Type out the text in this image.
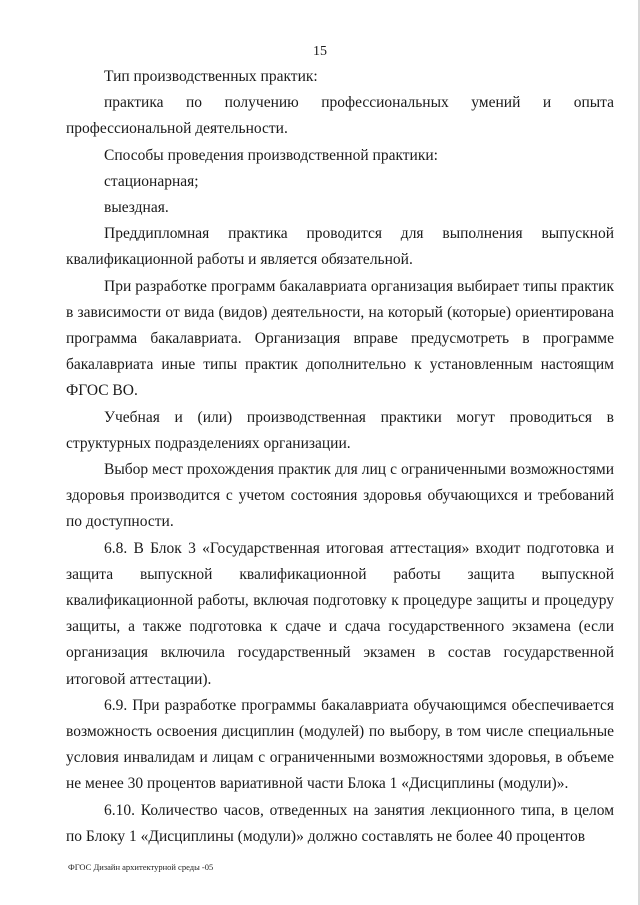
15

Тип производственных практик:

практика по получению профессиональных умений и опыта профессиональной деятельности.

Способы проведения производственной практики:

стационарная;

выездная.

Преддипломная практика проводится для выполнения выпускной квалификационной работы и является обязательной.

При разработке программ бакалавриата организация выбирает типы практик в зависимости от вида (видов) деятельности, на который (которые) ориентирована программа бакалавриата. Организация вправе предусмотреть в программе бакалавриата иные типы практик дополнительно к установленным настоящим ФГОС ВО.

Учебная и (или) производственная практики могут проводиться в структурных подразделениях организации.

Выбор мест прохождения практик для лиц с ограниченными возможностями здоровья производится с учетом состояния здоровья обучающихся и требований по доступности.

6.8. В Блок 3 «Государственная итоговая аттестация» входит подготовка и защита выпускной квалификационной работы защита выпускной квалификационной работы, включая подготовку к процедуре защиты и процедуру защиты, а также подготовка к сдаче и сдача государственного экзамена (если организация включила государственный экзамен в состав государственной итоговой аттестации).

6.9. При разработке программы бакалавриата обучающимся обеспечивается возможность освоения дисциплин (модулей) по выбору, в том числе специальные условия инвалидам и лицам с ограниченными возможностями здоровья, в объеме не менее 30 процентов вариативной части Блока 1 «Дисциплины (модули)».

6.10. Количество часов, отведенных на занятия лекционного типа, в целом по Блоку 1 «Дисциплины (модули)» должно составлять не более 40 процентов

ФГОС Дизайн архитектурной среды -05
